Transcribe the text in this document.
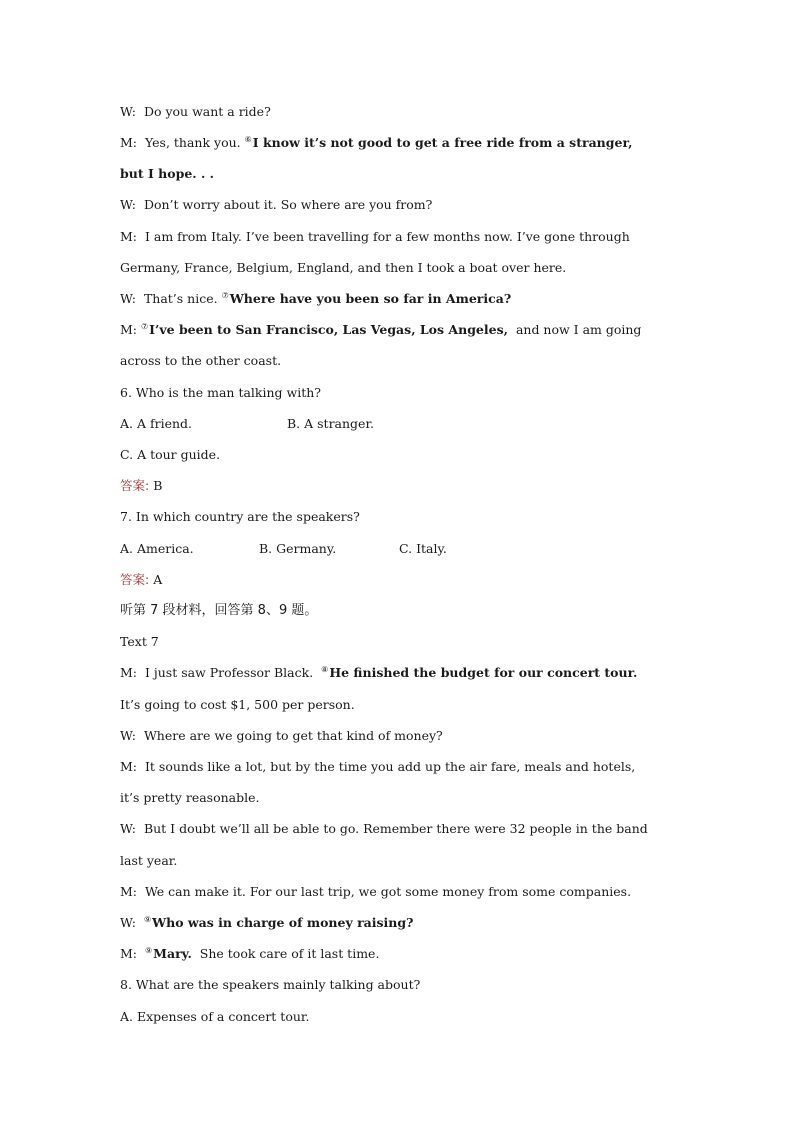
W: Do you want a ride?
M: Yes, thank you. ⑥I know it’s not good to get a free ride from a stranger,
but I hope. . .
W: Don’t worry about it. So where are you from?
M: I am from Italy. I’ve been travelling for a few months now. I’ve gone through
Germany, France, Belgium, England, and then I took a boat over here.
W: That’s nice. ⑦Where have you been so far in America?
M: ⑦I’ve been to San Francisco, Las Vegas, Los Angeles, and now I am going
across to the other coast.
6. Who is the man talking with?
A. A friend.	B. A stranger.
C. A tour guide.
答案: B
7. In which country are the speakers?
A. America.	B. Germany.	C. Italy.
答案: A
听第 7 段材料，回答第 8、9 题。
Text 7
M: I just saw Professor Black. ⑧He finished the budget for our concert tour.
It’s going to cost $1, 500 per person.
W: Where are we going to get that kind of money?
M: It sounds like a lot, but by the time you add up the air fare, meals and hotels,
it’s pretty reasonable.
W: But I doubt we’ll all be able to go. Remember there were 32 people in the band
last year.
M: We can make it. For our last trip, we got some money from some companies.
W: ⑨Who was in charge of money raising?
M: ⑨Mary. She took care of it last time.
8. What are the speakers mainly talking about?
A. Expenses of a concert tour.
